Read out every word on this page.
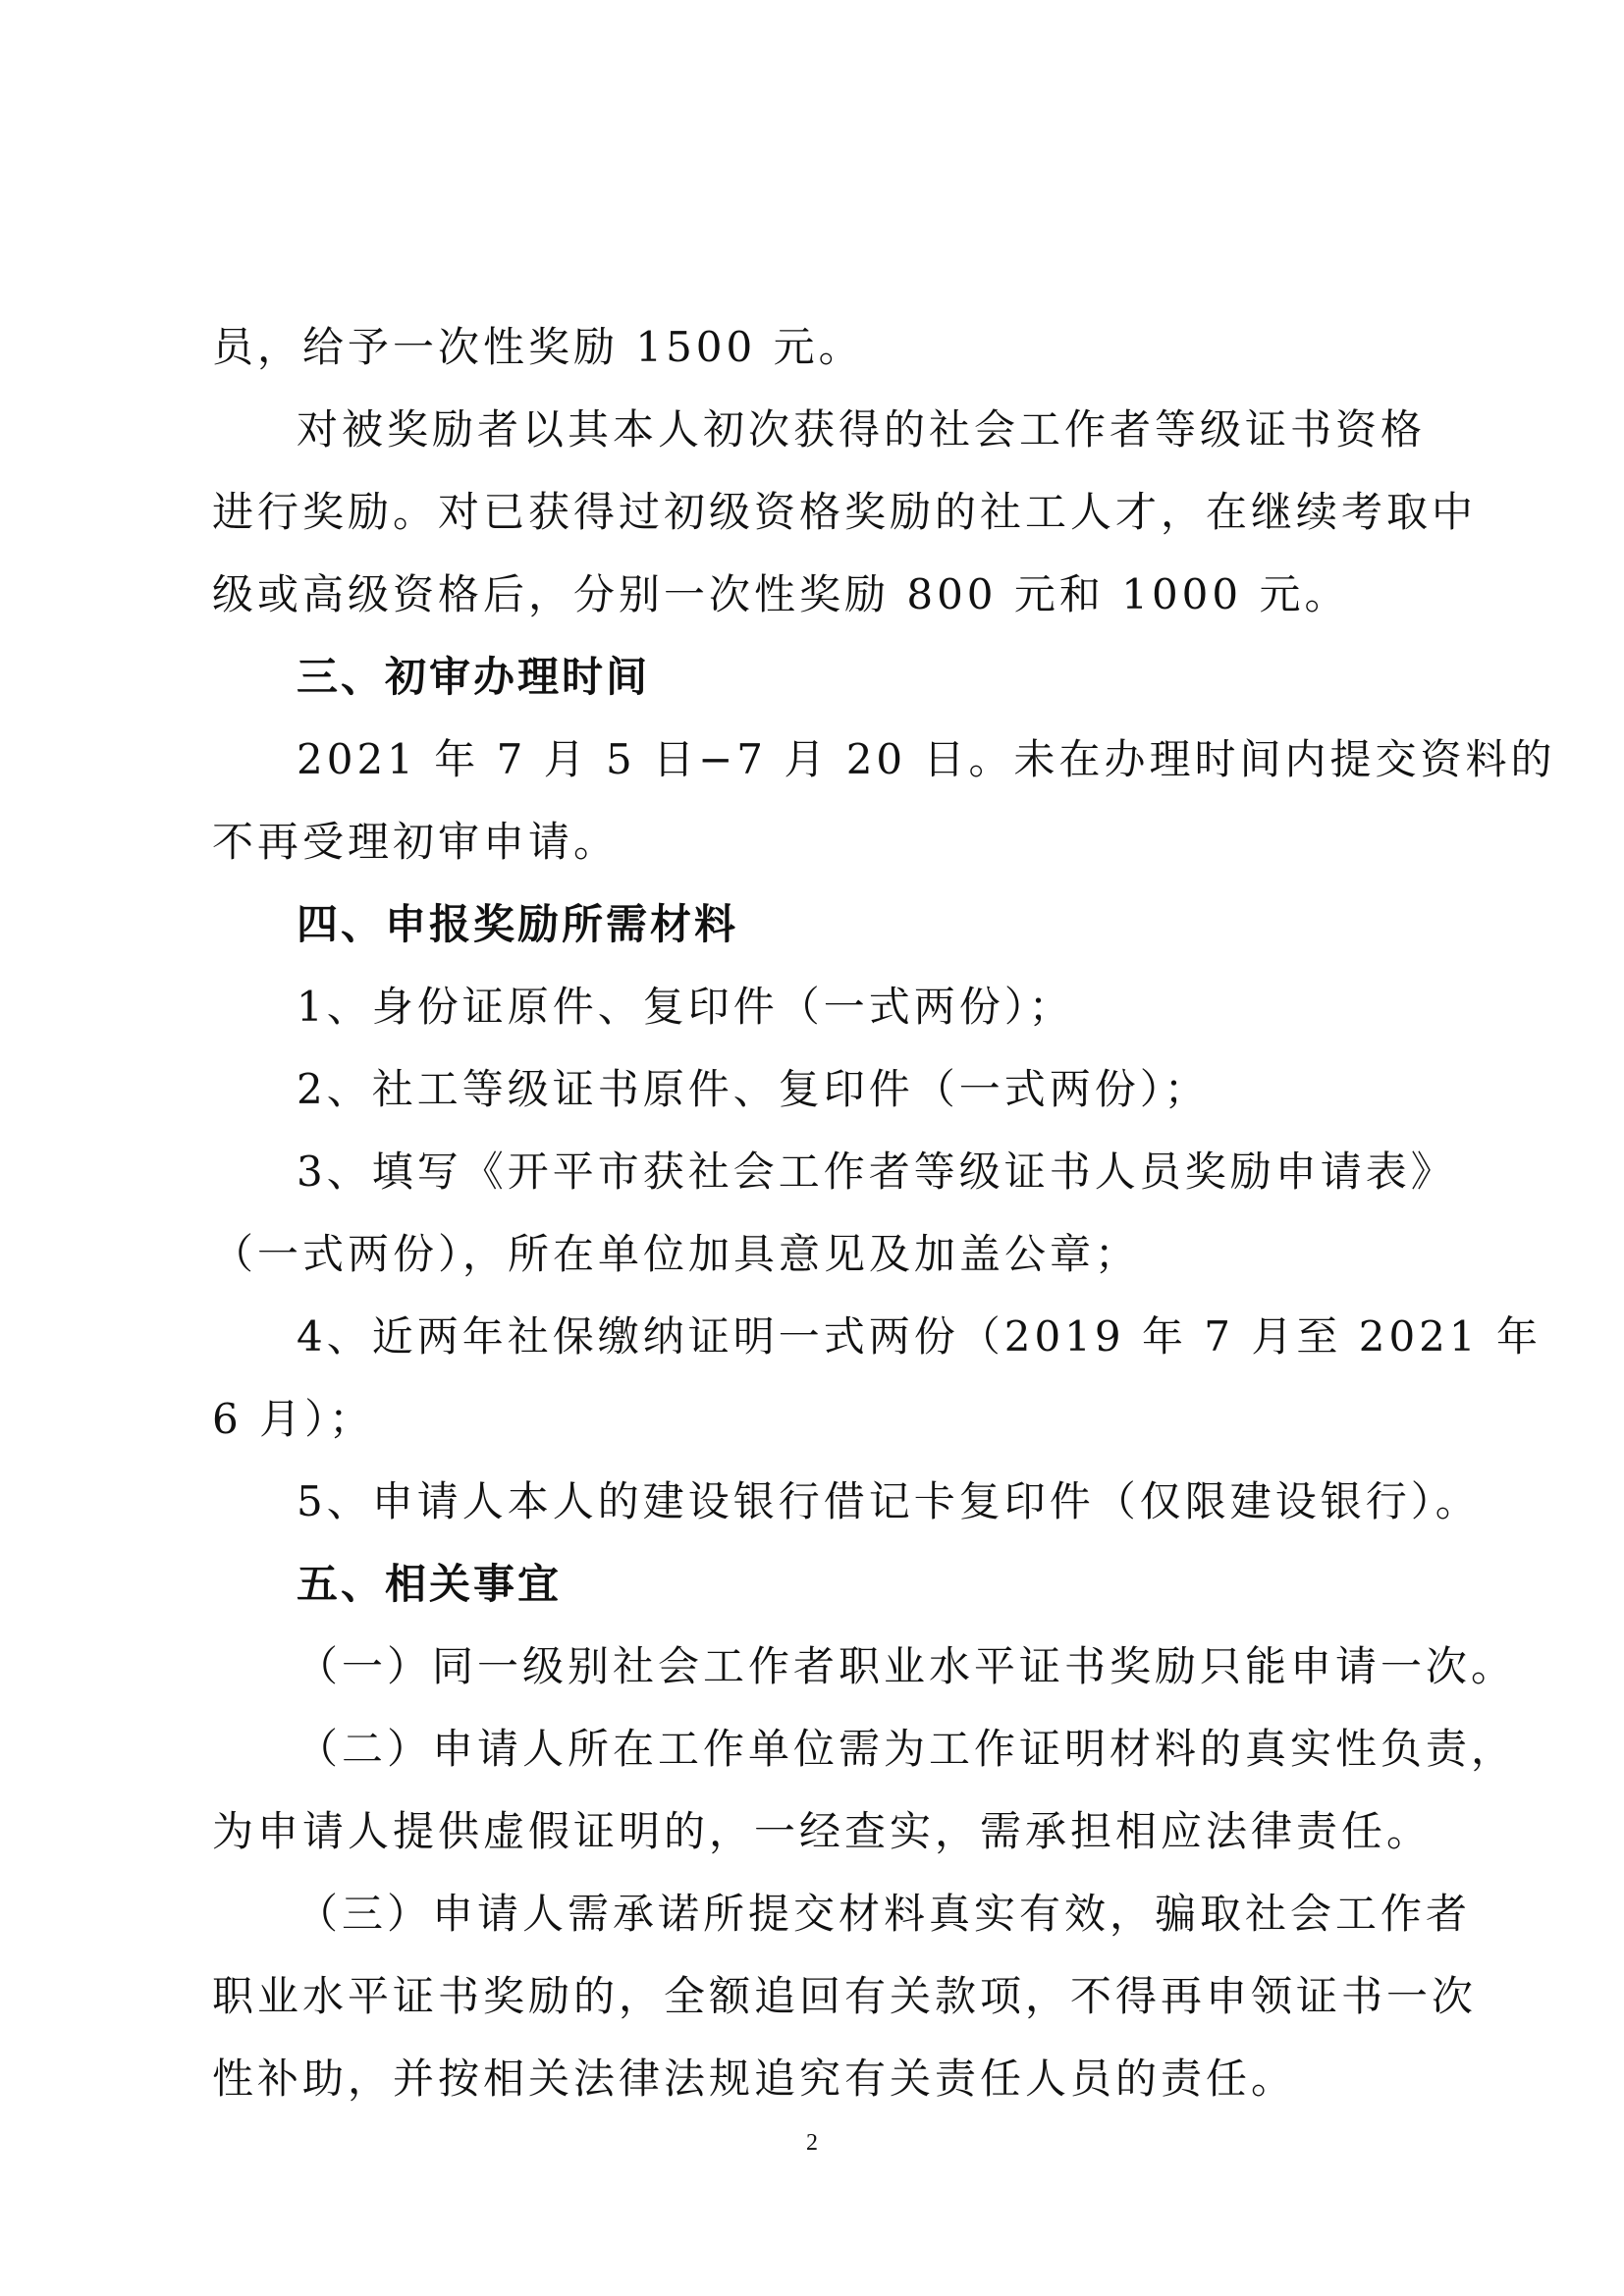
员，给予一次性奖励 1500 元。
对被奖励者以其本人初次获得的社会工作者等级证书资格
进行奖励。对已获得过初级资格奖励的社工人才，在继续考取中
级或高级资格后，分别一次性奖励 800 元和 1000 元。
三、初审办理时间
2021 年 7 月 5 日−7 月 20 日。未在办理时间内提交资料的
不再受理初审申请。
四、申报奖励所需材料
1、身份证原件、复印件（一式两份）；
2、社工等级证书原件、复印件（一式两份）；
3、填写《开平市获社会工作者等级证书人员奖励申请表》
（一式两份），所在单位加具意见及加盖公章；
4、近两年社保缴纳证明一式两份（2019 年 7 月至 2021 年
6 月）；
5、申请人本人的建设银行借记卡复印件（仅限建设银行）。
五、相关事宜
（一）同一级别社会工作者职业水平证书奖励只能申请一次。
（二）申请人所在工作单位需为工作证明材料的真实性负责，
为申请人提供虚假证明的，一经查实，需承担相应法律责任。
（三）申请人需承诺所提交材料真实有效，骗取社会工作者
职业水平证书奖励的，全额追回有关款项，不得再申领证书一次
性补助，并按相关法律法规追究有关责任人员的责任。
2
